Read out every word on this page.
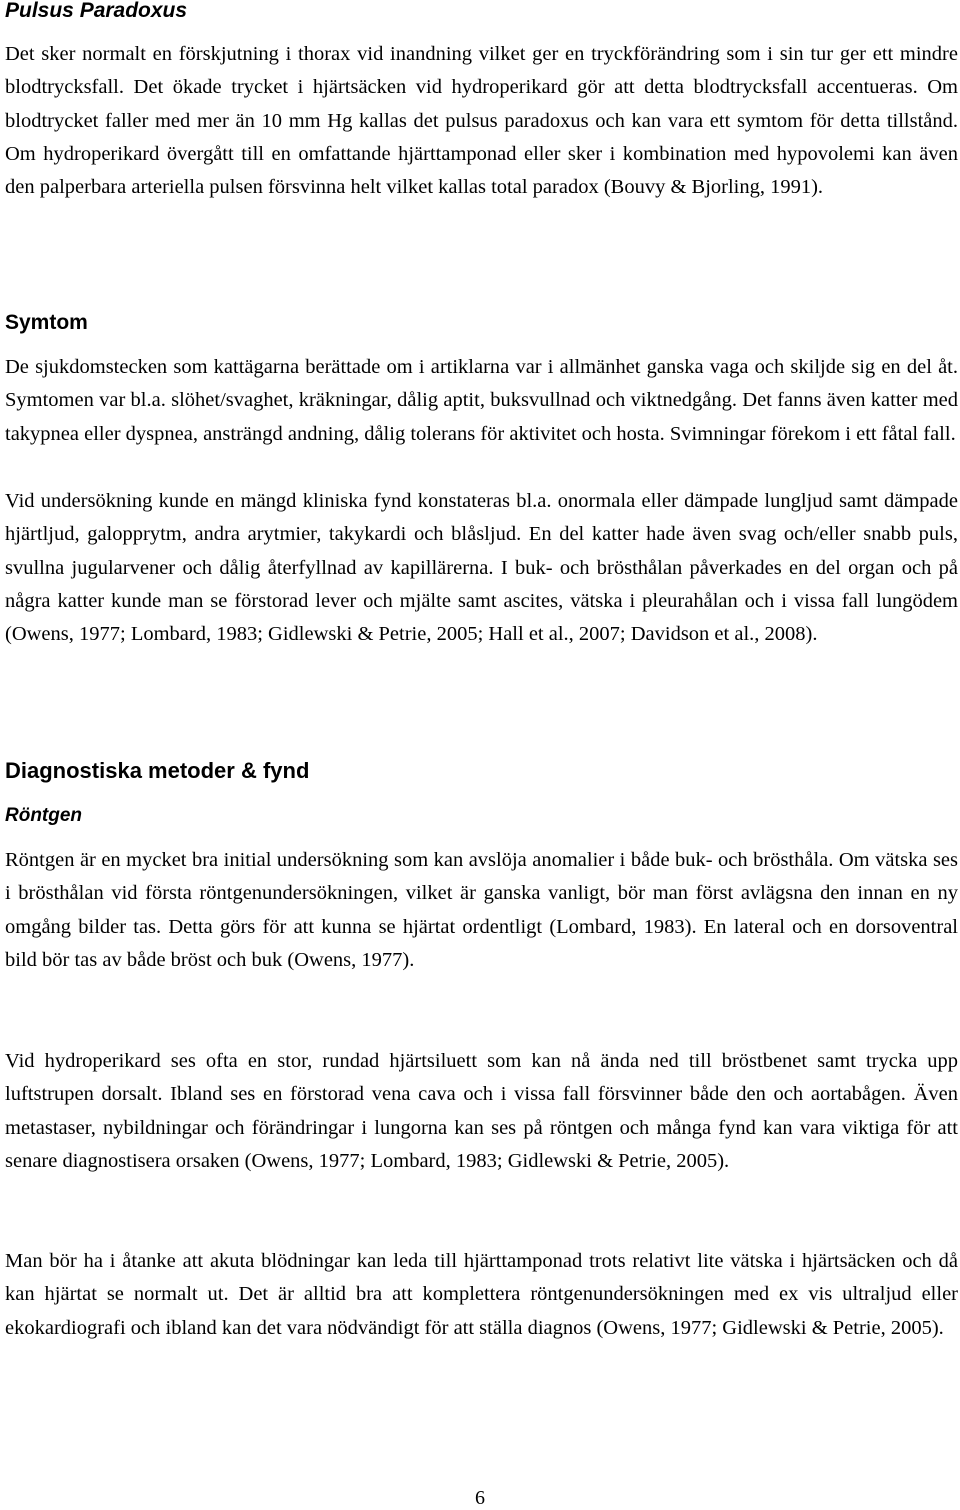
Pulsus Paradoxus

Det sker normalt en förskjutning i thorax vid inandning vilket ger en tryckförändring som i sin tur ger ett mindre blodtrycksfall. Det ökade trycket i hjärtsäcken vid hydroperikard gör att detta blodtrycksfall accentueras. Om blodtrycket faller med mer än 10 mm Hg kallas det pulsus paradoxus och kan vara ett symtom för detta tillstånd. Om hydroperikard övergått till en omfattande hjärttamponad eller sker i kombination med hypovolemi kan även den palperbara arteriella pulsen försvinna helt vilket kallas total paradox (Bouvy & Bjorling, 1991).

Symtom

De sjukdomstecken som kattägarna berättade om i artiklarna var i allmänhet ganska vaga och skiljde sig en del åt. Symtomen var bl.a. slöhet/svaghet, kräkningar, dålig aptit, buksvullnad och viktnedgång. Det fanns även katter med takypnea eller dyspnea, ansträngd andning, dålig tolerans för aktivitet och hosta. Svimningar förekom i ett fåtal fall.

Vid undersökning kunde en mängd kliniska fynd konstateras bl.a. onormala eller dämpade lungljud samt dämpade hjärtljud, galopprytm, andra arytmier, takykardi och blåsljud. En del katter hade även svag och/eller snabb puls, svullna jugularvener och dålig återfyllnad av kapillärerna. I buk- och brösthålan påverkades en del organ och på några katter kunde man se förstorad lever och mjälte samt ascites, vätska i pleurahålan och i vissa fall lungödem (Owens, 1977; Lombard, 1983; Gidlewski & Petrie, 2005; Hall et al., 2007; Davidson et al., 2008).

Diagnostiska metoder & fynd
Röntgen

Röntgen är en mycket bra initial undersökning som kan avslöja anomalier i både buk- och brösthåla. Om vätska ses i brösthålan vid första röntgenundersökningen, vilket är ganska vanligt, bör man först avlägsna den innan en ny omgång bilder tas. Detta görs för att kunna se hjärtat ordentligt (Lombard, 1983). En lateral och en dorsoventral bild bör tas av både bröst och buk (Owens, 1977).

Vid hydroperikard ses ofta en stor, rundad hjärtsiluett som kan nå ända ned till bröstbenet samt trycka upp luftstrupen dorsalt. Ibland ses en förstorad vena cava och i vissa fall försvinner både den och aortabågen. Även metastaser, nybildningar och förändringar i lungorna kan ses på röntgen och många fynd kan vara viktiga för att senare diagnostisera orsaken (Owens, 1977; Lombard, 1983; Gidlewski & Petrie, 2005).

Man bör ha i åtanke att akuta blödningar kan leda till hjärttamponad trots relativt lite vätska i hjärtsäcken och då kan hjärtat se normalt ut. Det är alltid bra att komplettera röntgenundersökningen med ex vis ultraljud eller ekokardiografi och ibland kan det vara nödvändigt för att ställa diagnos (Owens, 1977; Gidlewski & Petrie, 2005).

6
